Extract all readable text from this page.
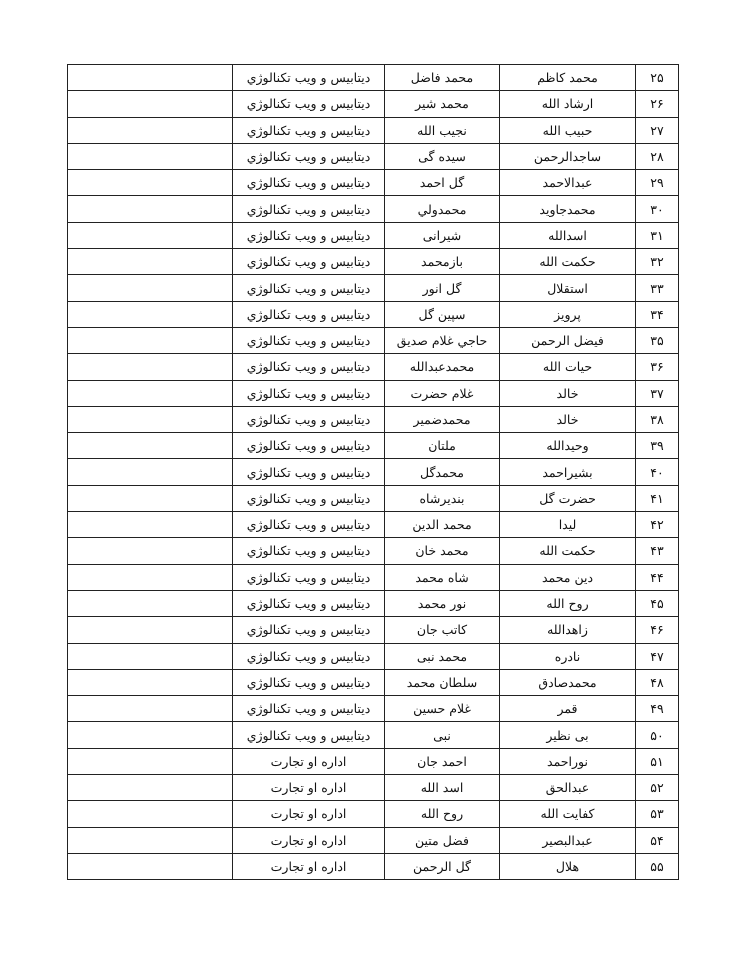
۲۵	محمد کاظم	محمد فاضل	دیتابیس و ویب تکنالوژي	
۲۶	ارشاد الله	محمد شیر	دیتابیس و ویب تکنالوژي	
۲۷	حبیب الله	نجیب الله	دیتابیس و ویب تکنالوژي	
۲۸	ساجدالرحمن	سیده گی	دیتابیس و ویب تکنالوژي	
۲۹	عبدالاحمد	گل احمد	دیتابیس و ویب تکنالوژي	
۳۰	محمدجاوید	محمدولي	دیتابیس و ویب تکنالوژي	
۳۱	اسدالله	شیرانی	دیتابیس و ویب تکنالوژي	
۳۲	حکمت الله	بازمحمد	دیتابیس و ویب تکنالوژي	
۳۳	استقلال	گل انور	دیتابیس و ویب تکنالوژي	
۳۴	پرویز	سپین گل	دیتابیس و ویب تکنالوژي	
۳۵	فیضل الرحمن	حاجي غلام صدیق	دیتابیس و ویب تکنالوژي	
۳۶	حیات الله	محمدعبدالله	دیتابیس و ویب تکنالوژي	
۳۷	خالد	غلام حضرت	دیتابیس و ویب تکنالوژي	
۳۸	خالد	محمدضمیر	دیتابیس و ویب تکنالوژي	
۳۹	وحیدالله	ملتان	دیتابیس و ویب تکنالوژي	
۴۰	بشیراحمد	محمدگل	دیتابیس و ویب تکنالوژي	
۴۱	حضرت گل	بندیرشاه	دیتابیس و ویب تکنالوژي	
۴۲	لیدا	محمد الدین	دیتابیس و ویب تکنالوژي	
۴۳	حکمت الله	محمد خان	دیتابیس و ویب تکنالوژي	
۴۴	دین محمد	شاه محمد	دیتابیس و ویب تکنالوژي	
۴۵	روح الله	نور محمد	دیتابیس و ویب تکنالوژي	
۴۶	زاهدالله	کاتب جان	دیتابیس و ویب تکنالوژي	
۴۷	نادره	محمد نبی	دیتابیس و ویب تکنالوژي	
۴۸	محمدصادق	سلطان محمد	دیتابیس و ویب تکنالوژي	
۴۹	قمر	غلام حسین	دیتابیس و ویب تکنالوژي	
۵۰	بی نظیر	نبی	دیتابیس و ویب تکنالوژي	
۵۱	نوراحمد	احمد جان	اداره او تجارت	
۵۲	عبدالحق	اسد الله	اداره او تجارت	
۵۳	کفایت الله	روح الله	اداره او تجارت	
۵۴	عبدالبصیر	فضل متین	اداره او تجارت	
۵۵	هلال	گل الرحمن	اداره او تجارت	
